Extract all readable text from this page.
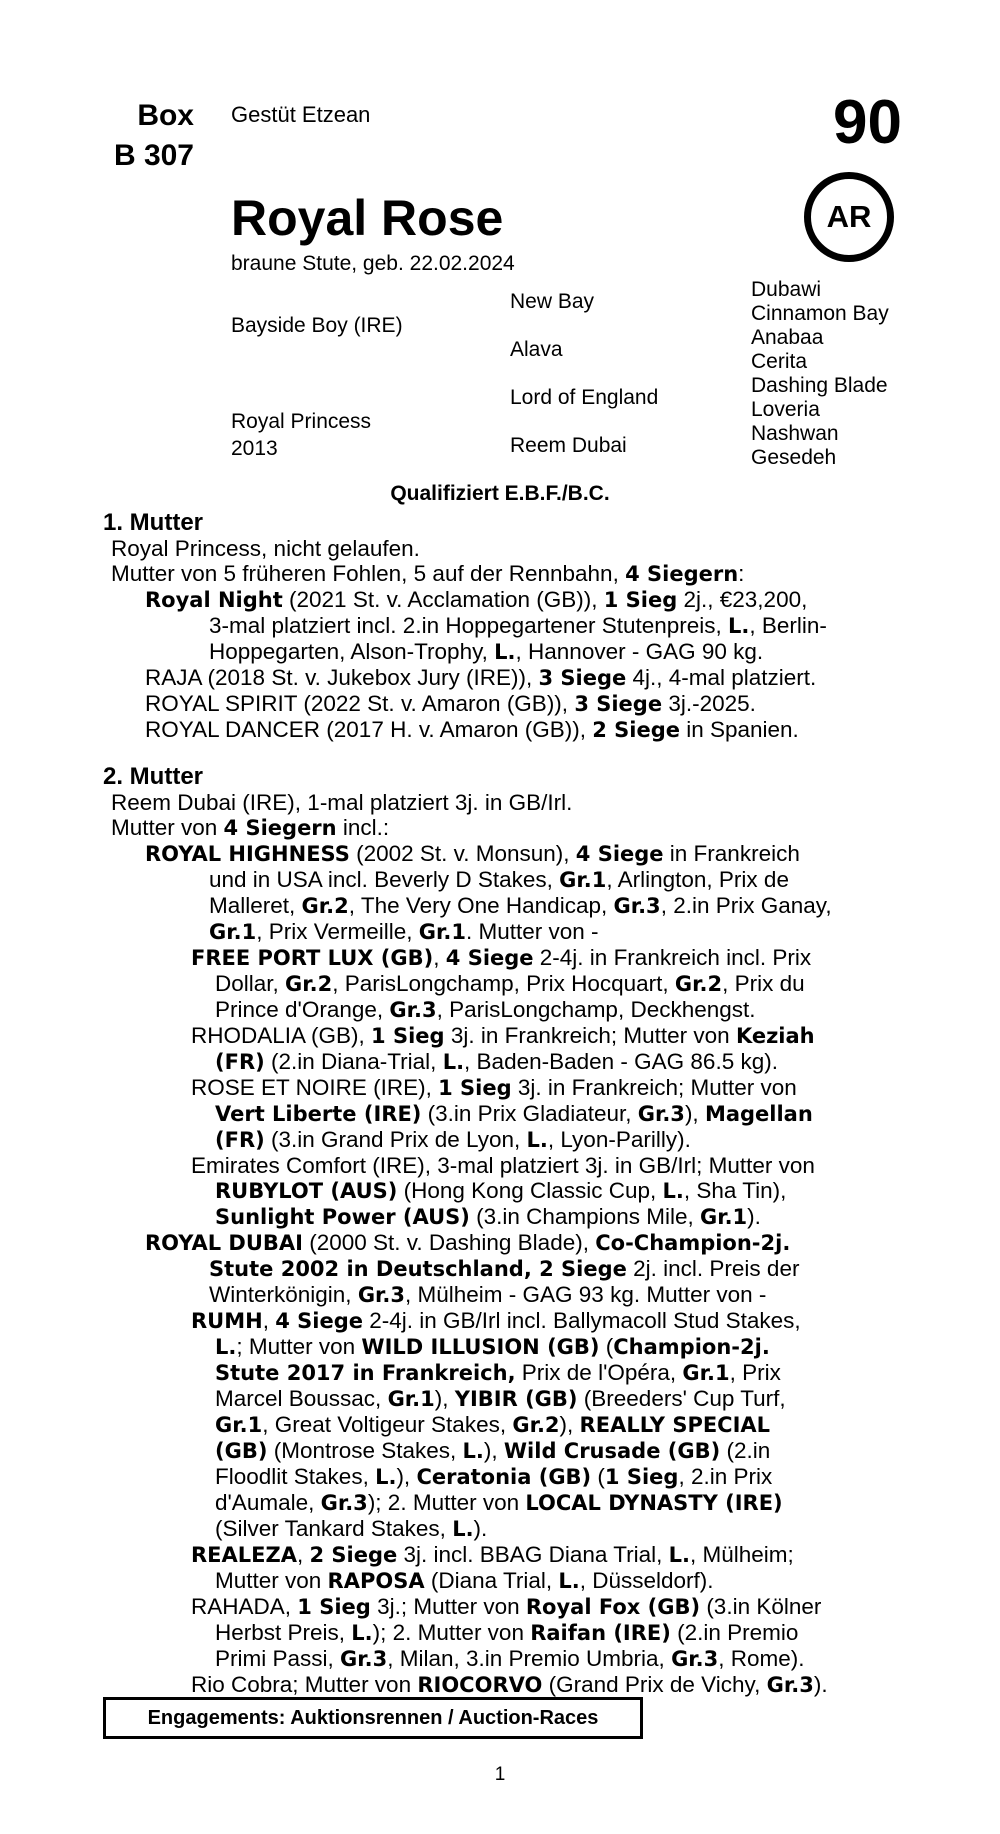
Box
B 307
Gestüt Etzean	90
AR
Royal Rose
braune Stute, geb. 22.02.2024
Bayside Boy (IRE)
Royal Princess
2013
New Bay
Alava
Lord of England
Reem Dubai
Dubawi
Cinnamon Bay
Anabaa
Cerita
Dashing Blade
Loveria
Nashwan
Gesedeh
Qualifiziert E.B.F./B.C.
1. Mutter
Royal Princess, nicht gelaufen.
Mutter von 5 früheren Fohlen, 5 auf der Rennbahn, 4 Siegern:
Royal Night (2021 St. v. Acclamation (GB)), 1 Sieg 2j., €23,200,
3-mal platziert incl. 2.in Hoppegartener Stutenpreis, L., Berlin-
Hoppegarten, Alson-Trophy, L., Hannover - GAG 90 kg.
RAJA (2018 St. v. Jukebox Jury (IRE)), 3 Siege 4j., 4-mal platziert.
ROYAL SPIRIT (2022 St. v. Amaron (GB)), 3 Siege 3j.-2025.
ROYAL DANCER (2017 H. v. Amaron (GB)), 2 Siege in Spanien.
2. Mutter
Reem Dubai (IRE), 1-mal platziert 3j. in GB/Irl.
Mutter von 4 Siegern incl.:
ROYAL HIGHNESS (2002 St. v. Monsun), 4 Siege in Frankreich
und in USA incl. Beverly D Stakes, Gr.1, Arlington, Prix de
Malleret, Gr.2, The Very One Handicap, Gr.3, 2.in Prix Ganay,
Gr.1, Prix Vermeille, Gr.1. Mutter von -
FREE PORT LUX (GB), 4 Siege 2-4j. in Frankreich incl. Prix
Dollar, Gr.2, ParisLongchamp, Prix Hocquart, Gr.2, Prix du
Prince d'Orange, Gr.3, ParisLongchamp, Deckhengst.
RHODALIA (GB), 1 Sieg 3j. in Frankreich; Mutter von Keziah
(FR) (2.in Diana-Trial, L., Baden-Baden - GAG 86.5 kg).
ROSE ET NOIRE (IRE), 1 Sieg 3j. in Frankreich; Mutter von
Vert Liberte (IRE) (3.in Prix Gladiateur, Gr.3), Magellan
(FR) (3.in Grand Prix de Lyon, L., Lyon-Parilly).
Emirates Comfort (IRE), 3-mal platziert 3j. in GB/Irl; Mutter von
RUBYLOT (AUS) (Hong Kong Classic Cup, L., Sha Tin),
Sunlight Power (AUS) (3.in Champions Mile, Gr.1).
ROYAL DUBAI (2000 St. v. Dashing Blade), Co-Champion-2j.
Stute 2002 in Deutschland, 2 Siege 2j. incl. Preis der
Winterkönigin, Gr.3, Mülheim - GAG 93 kg. Mutter von -
RUMH, 4 Siege 2-4j. in GB/Irl incl. Ballymacoll Stud Stakes,
L.; Mutter von WILD ILLUSION (GB) (Champion-2j.
Stute 2017 in Frankreich, Prix de l'Opéra, Gr.1, Prix
Marcel Boussac, Gr.1), YIBIR (GB) (Breeders' Cup Turf,
Gr.1, Great Voltigeur Stakes, Gr.2), REALLY SPECIAL
(GB) (Montrose Stakes, L.), Wild Crusade (GB) (2.in
Floodlit Stakes, L.), Ceratonia (GB) (1 Sieg, 2.in Prix
d'Aumale, Gr.3); 2. Mutter von LOCAL DYNASTY (IRE)
(Silver Tankard Stakes, L.).
REALEZA, 2 Siege 3j. incl. BBAG Diana Trial, L., Mülheim;
Mutter von RAPOSA (Diana Trial, L., Düsseldorf).
RAHADA, 1 Sieg 3j.; Mutter von Royal Fox (GB) (3.in Kölner
Herbst Preis, L.); 2. Mutter von Raifan (IRE) (2.in Premio
Primi Passi, Gr.3, Milan, 3.in Premio Umbria, Gr.3, Rome).
Rio Cobra; Mutter von RIOCORVO (Grand Prix de Vichy, Gr.3).
Engagements: Auktionsrennen / Auction-Races
1
